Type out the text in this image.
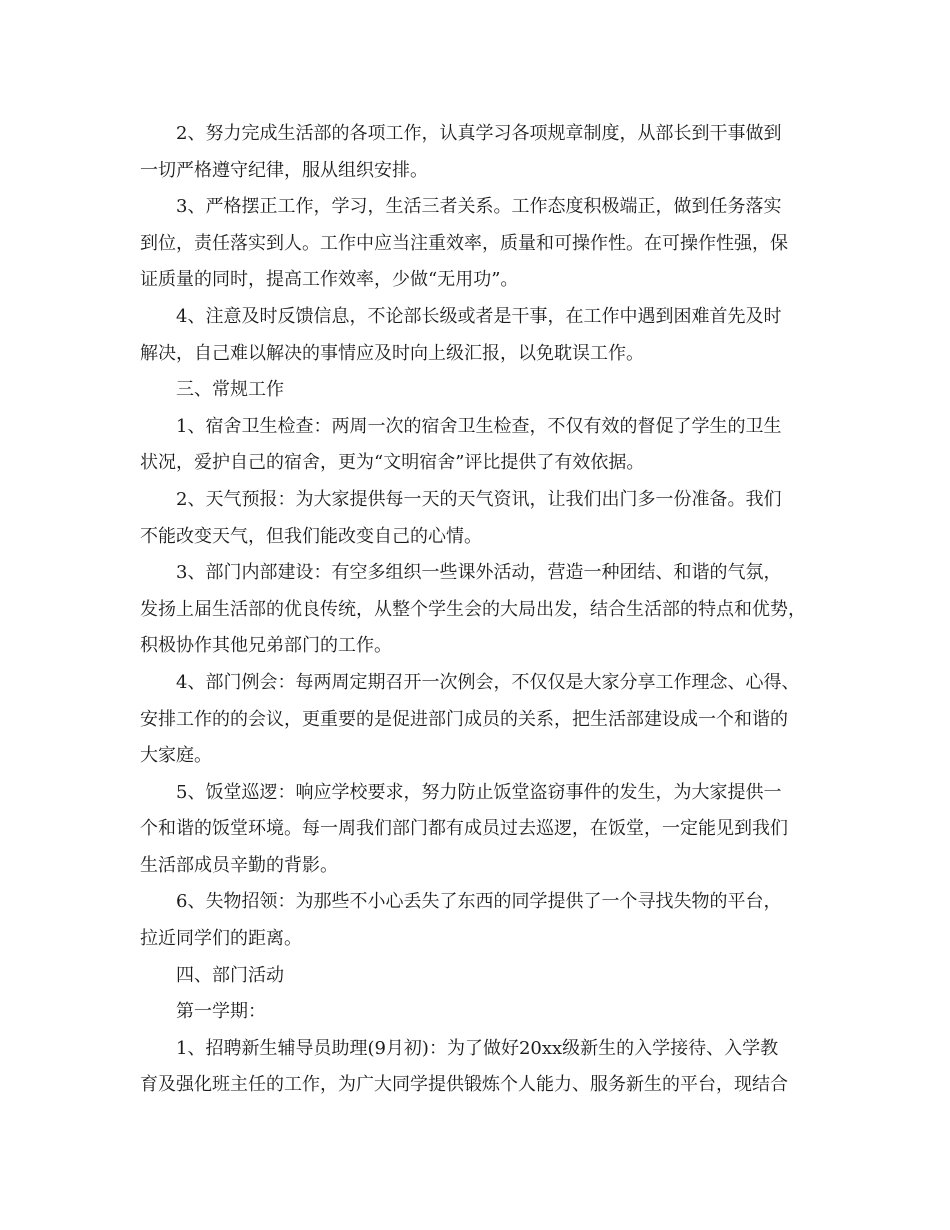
2、努力完成生活部的各项工作，认真学习各项规章制度，从部长到干事做到
一切严格遵守纪律，服从组织安排。
3、严格摆正工作，学习，生活三者关系。工作态度积极端正，做到任务落实
到位，责任落实到人。工作中应当注重效率，质量和可操作性。在可操作性强，保
证质量的同时，提高工作效率，少做“无用功”。
4、注意及时反馈信息，不论部长级或者是干事，在工作中遇到困难首先及时
解决，自己难以解决的事情应及时向上级汇报，以免耽误工作。
三、常规工作
1、宿舍卫生检查：两周一次的宿舍卫生检查，不仅有效的督促了学生的卫生
状况，爱护自己的宿舍，更为“文明宿舍”评比提供了有效依据。
2、天气预报：为大家提供每一天的天气资讯，让我们出门多一份准备。我们
不能改变天气，但我们能改变自己的心情。
3、部门内部建设：有空多组织一些课外活动，营造一种团结、和谐的气氛，
发扬上届生活部的优良传统，从整个学生会的大局出发，结合生活部的特点和优势，
积极协作其他兄弟部门的工作。
4、部门例会：每两周定期召开一次例会，不仅仅是大家分享工作理念、心得、
安排工作的的会议，更重要的是促进部门成员的关系，把生活部建设成一个和谐的
大家庭。
5、饭堂巡逻：响应学校要求，努力防止饭堂盗窃事件的发生，为大家提供一
个和谐的饭堂环境。每一周我们部门都有成员过去巡逻，在饭堂，一定能见到我们
生活部成员辛勤的背影。
6、失物招领：为那些不小心丢失了东西的同学提供了一个寻找失物的平台，
拉近同学们的距离。
四、部门活动
第一学期：
1、招聘新生辅导员助理(9月初)：为了做好20xx级新生的入学接待、入学教
育及强化班主任的工作，为广大同学提供锻炼个人能力、服务新生的平台，现结合
